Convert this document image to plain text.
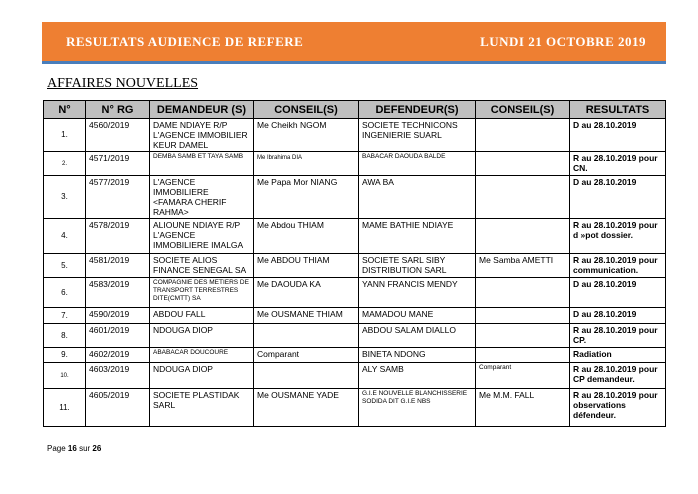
RESULTATS AUDIENCE DE REFERE	LUNDI 21 OCTOBRE 2019
AFFAIRES NOUVELLES
N°	N° RG	DEMANDEUR (S)	CONSEIL(S)	DEFENDEUR(S)	CONSEIL(S)	RESULTATS
1.	4560/2019	DAME NDIAYE R/P L'AGENCE IMMOBILIER KEUR DAMEL	Me Cheikh NGOM	SOCIETE TECHNICONS INGENIERIE SUARL		D au 28.10.2019
2.	4571/2019	DEMBA SAMB ET TAYA SAMB	Me Ibrahima DIA	BABACAR DAOUDA BALDE		R au 28.10.2019 pour CN.
3.	4577/2019	L'AGENCE IMMOBILIERE <FAMARA CHERIF RAHMA>	Me Papa Mor NIANG	AWA BA		D au 28.10.2019
4.	4578/2019	ALIOUNE NDIAYE R/P L'AGENCE IMMOBILIERE IMALGA	Me Abdou THIAM	MAME BATHIE NDIAYE		R au 28.10.2019 pour d »pot dossier.
5.	4581/2019	SOCIETE ALIOS FINANCE SENEGAL SA	Me ABDOU THIAM	SOCIETE SARL SIBY DISTRIBUTION SARL	Me Samba AMETTI	R au 28.10.2019 pour communication.
6.	4583/2019	COMPAGNIE DES METIERS DE TRANSPORT TERRESTRES DITE(CMTT) SA	Me DAOUDA KA	YANN FRANCIS MENDY		D au 28.10.2019
7.	4590/2019	ABDOU FALL	Me OUSMANE THIAM	MAMADOU MANE		D au 28.10.2019
8.	4601/2019	NDOUGA DIOP		ABDOU SALAM DIALLO		R au 28.10.2019 pour CP.
9.	4602/2019	ABABACAR DOUCOURE	Comparant	BINETA NDONG		Radiation
10.	4603/2019	NDOUGA DIOP		ALY SAMB	Comparant	R au 28.10.2019 pour CP demandeur.
11.	4605/2019	SOCIETE PLASTIDAK SARL	Me OUSMANE YADE	G.I.E NOUVELLE BLANCHISSERIE SODIDA DIT G.I.E NBS	Me M.M. FALL	R au 28.10.2019 pour observations défendeur.
Page 16 sur 26
